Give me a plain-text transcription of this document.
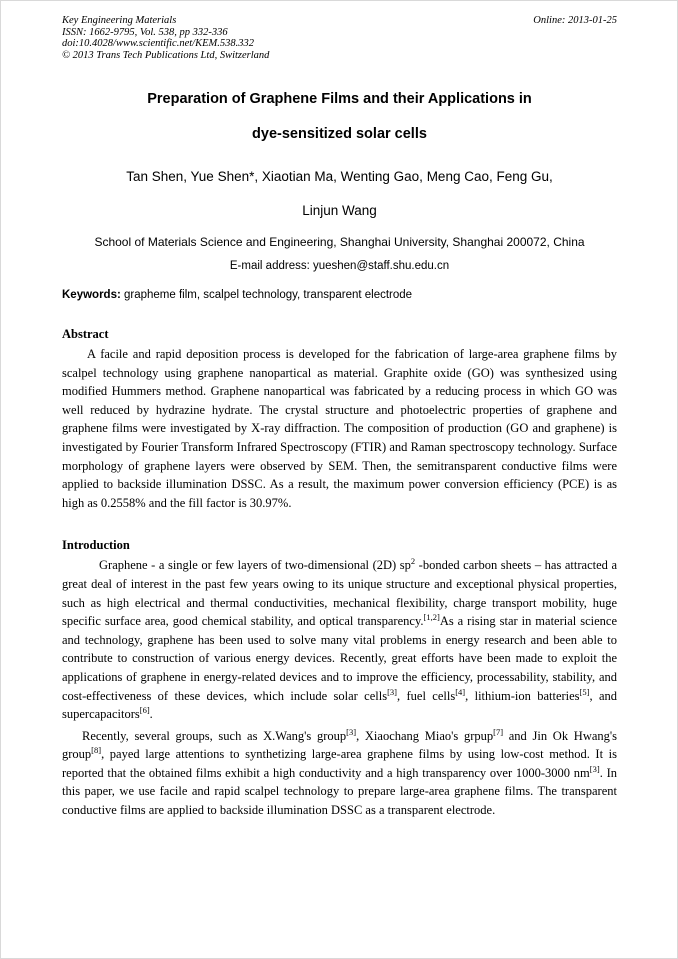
Key Engineering Materials
ISSN: 1662-9795, Vol. 538, pp 332-336
doi:10.4028/www.scientific.net/KEM.538.332
© 2013 Trans Tech Publications Ltd, Switzerland
Online: 2013-01-25
Preparation of Graphene Films and their Applications in
dye-sensitized solar cells
Tan Shen, Yue Shen*, Xiaotian Ma, Wenting Gao, Meng Cao, Feng Gu,
Linjun Wang
School of Materials Science and Engineering, Shanghai University, Shanghai 200072, China
E-mail address: yueshen@staff.shu.edu.cn
Keywords: grapheme film, scalpel technology, transparent electrode
Abstract

A facile and rapid deposition process is developed for the fabrication of large-area graphene films by scalpel technology using graphene nanopartical as material. Graphite oxide (GO) was synthesized using modified Hummers method. Graphene nanopartical was fabricated by a reducing process in which GO was well reduced by hydrazine hydrate. The crystal structure and photoelectric properties of graphene and graphene films were investigated by X-ray diffraction. The composition of production (GO and graphene) is investigated by Fourier Transform Infrared Spectroscopy (FTIR) and Raman spectroscopy technology. Surface morphology of graphene layers were observed by SEM. Then, the semitransparent conductive films were applied to backside illumination DSSC. As a result, the maximum power conversion efficiency (PCE) is as high as 0.2558% and the fill factor is 30.97%.

Introduction

Graphene - a single or few layers of two-dimensional (2D) $sp^2$ -bonded carbon sheets – has attracted a great deal of interest in the past few years owing to its unique structure and exceptional physical properties, such as high electrical and thermal conductivities, mechanical flexibility, charge transport mobility, huge specific surface area, good chemical stability, and optical transparency.[1,2]As a rising star in material science and technology, graphene has been used to solve many vital problems in energy research and been able to contribute to construction of various energy devices. Recently, great efforts have been made to exploit the applications of graphene in energy-related devices and to improve the efficiency, processability, stability, and cost-effectiveness of these devices, which include solar cells[3], fuel cells[4], lithium-ion batteries[5], and supercapacitors[6].

Recently, several groups, such as X.Wang's group[3], Xiaochang Miao's grpup[7] and Jin Ok Hwang's group[8], payed large attentions to synthetizing large-area graphene films by using low-cost method. It is reported that the obtained films exhibit a high conductivity and a high transparency over 1000-3000 nm[3]. In this paper, we use facile and rapid scalpel technology to prepare large-area graphene films. The transparent conductive films are applied to backside illumination DSSC as a transparent electrode.
